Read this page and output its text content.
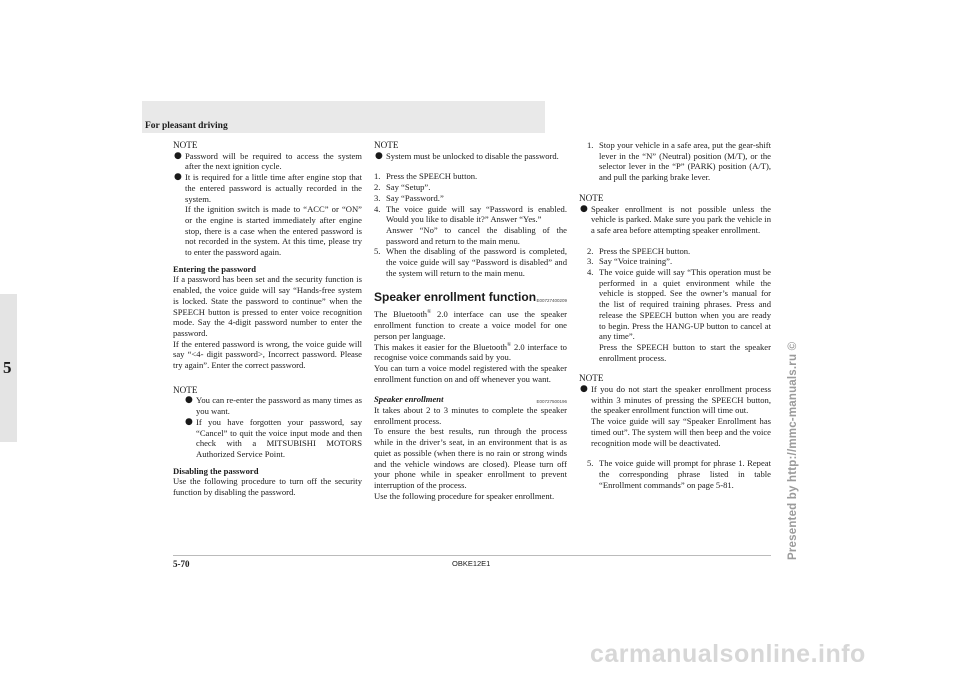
For pleasant driving
5	Presented by http://mmc-manuals.ru ©

NOTE

● Password will be required to access the system after the next ignition cycle.
● It is required for a little time after engine stop that the entered password is actually recorded in the system.
If the ignition switch is made to “ACC” or “ON” or the engine is started immediately after engine stop, there is a case when the entered password is not recorded in the system. At this time, please try to enter the password again.

Entering the password

If a password has been set and the security function is enabled, the voice guide will say “Hands-free system is locked. State the password to continue” when the SPEECH button is pressed to enter voice recognition mode. Say the 4-digit password number to enter the password.

If the entered password is wrong, the voice guide will say “<4- digit password>, Incorrect password. Please try again”. Enter the correct password.

NOTE

● You can re-enter the password as many times as you want.
● If you have forgotten your password, say “Cancel” to quit the voice input mode and then check with a MITSUBISHI MOTORS Authorized Service Point.

Disabling the password

Use the following procedure to turn off the security function by disabling the password.

NOTE

● System must be unlocked to disable the password.
1. Press the SPEECH button.
2. Say “Setup”.
3. Say “Password.”
4. The voice guide will say “Password is enabled. Would you like to disable it?” Answer “Yes.”
Answer “No” to cancel the disabling of the password and return to the main menu.
5. When the disabling of the password is completed, the voice guide will say “Password is disabled” and the system will return to the main menu.

Speaker enrollment function E00727400209

The Bluetooth® 2.0 interface can use the speaker enrollment function to create a voice model for one person per language.

This makes it easier for the Bluetooth® 2.0 interface to recognise voice commands said by you.

You can turn a voice model registered with the speaker enrollment function on and off whenever you want.

Speaker enrollment	E00727500196

It takes about 2 to 3 minutes to complete the speaker enrollment process.

To ensure the best results, run through the process while in the driver’s seat, in an environment that is as quiet as possible (when there is no rain or strong winds and the vehicle windows are closed). Please turn off your phone while in speaker enrollment to prevent interruption of the process.

Use the following procedure for speaker enrollment.

1. Stop your vehicle in a safe area, put the gear-shift lever in the “N” (Neutral) position (M/T), or the selector lever in the “P” (PARK) position (A/T), and pull the parking brake lever.

NOTE

● Speaker enrollment is not possible unless the vehicle is parked. Make sure you park the vehicle in a safe area before attempting speaker enrollment.
2. Press the SPEECH button.
3. Say “Voice training”.
4. The voice guide will say “This operation must be performed in a quiet environment while the vehicle is stopped. See the owner’s manual for the list of required training phrases. Press and release the SPEECH button when you are ready to begin. Press the HANG-UP button to cancel at any time”.
Press the SPEECH button to start the speaker enrollment process.

NOTE

● If you do not start the speaker enrollment process within 3 minutes of pressing the SPEECH button, the speaker enrollment function will time out.
The voice guide will say “Speaker Enrollment has timed out”. The system will then beep and the voice recognition mode will be deactivated.
5. The voice guide will prompt for phrase 1. Repeat the corresponding phrase listed in table “Enrollment commands” on page 5-81.
5-70	OBKE12E1
carmanualsonline.info
